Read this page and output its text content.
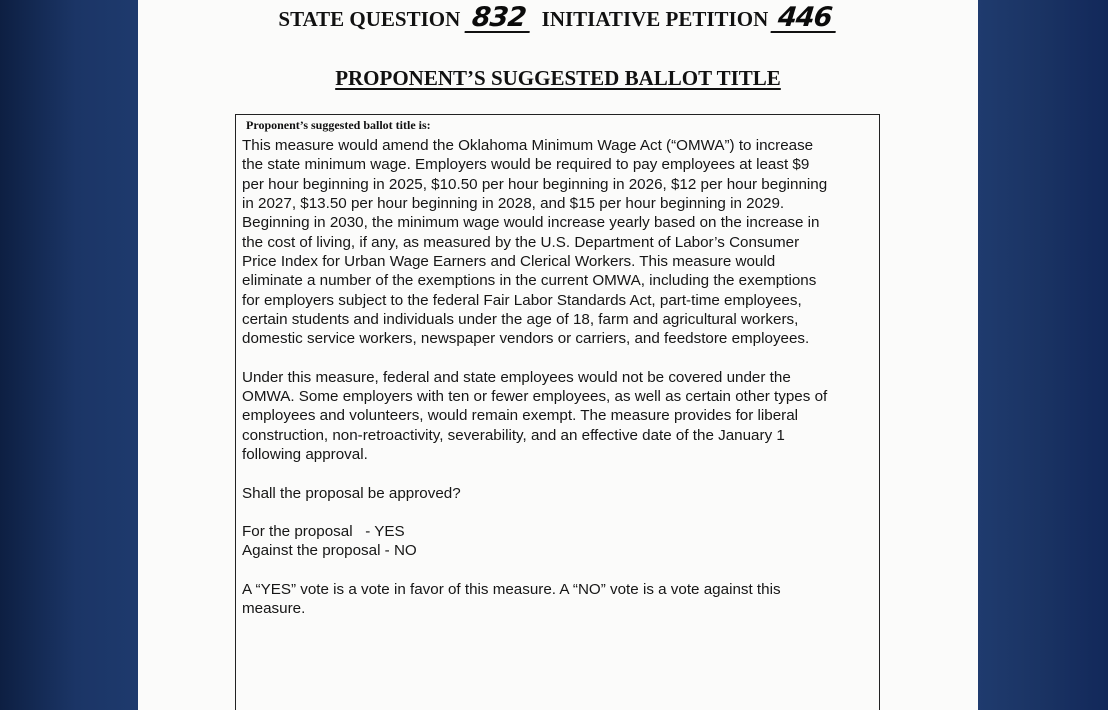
STATE QUESTION 832 INITIATIVE PETITION 446
PROPONENT’S SUGGESTED BALLOT TITLE
Proponent’s suggested ballot title is:

This measure would amend the Oklahoma Minimum Wage Act (“OMWA”) to increase
the state minimum wage. Employers would be required to pay employees at least $9
per hour beginning in 2025, $10.50 per hour beginning in 2026, $12 per hour beginning
in 2027, $13.50 per hour beginning in 2028, and $15 per hour beginning in 2029.
Beginning in 2030, the minimum wage would increase yearly based on the increase in
the cost of living, if any, as measured by the U.S. Department of Labor’s Consumer
Price Index for Urban Wage Earners and Clerical Workers. This measure would
eliminate a number of the exemptions in the current OMWA, including the exemptions
for employers subject to the federal Fair Labor Standards Act, part-time employees,
certain students and individuals under the age of 18, farm and agricultural workers,
domestic service workers, newspaper vendors or carriers, and feedstore employees.

Under this measure, federal and state employees would not be covered under the
OMWA. Some employers with ten or fewer employees, as well as certain other types of
employees and volunteers, would remain exempt. The measure provides for liberal
construction, non-retroactivity, severability, and an effective date of the January 1
following approval.

Shall the proposal be approved?

For the proposal   - YES

Against the proposal - NO

A “YES” vote is a vote in favor of this measure. A “NO” vote is a vote against this
measure.
